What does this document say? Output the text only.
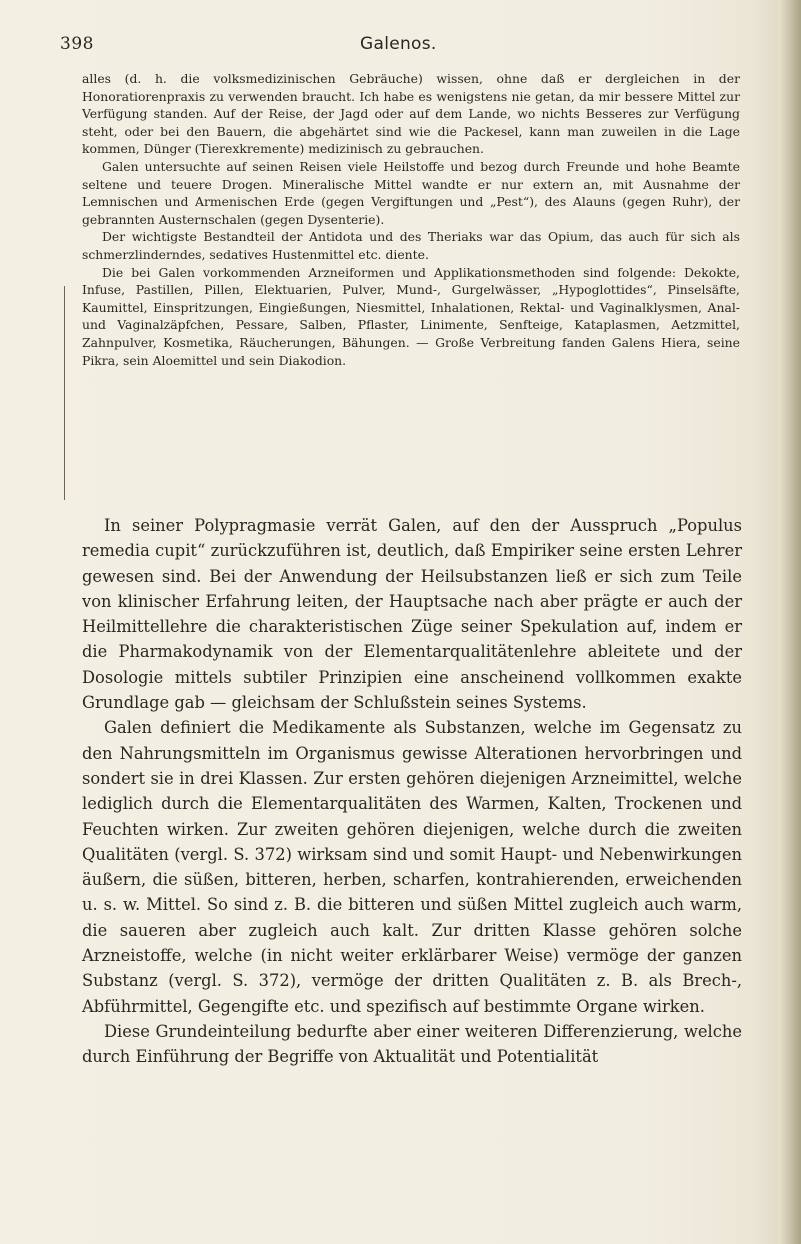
398	Galenos.

alles (d. h. die volksmedizinischen Gebräuche) wissen, ohne daß er dergleichen in der Honoratiorenpraxis zu verwenden braucht. Ich habe es wenigstens nie getan, da mir bessere Mittel zur Verfügung standen. Auf der Reise, der Jagd oder auf dem Lande, wo nichts Besseres zur Verfügung steht, oder bei den Bauern, die abgehärtet sind wie die Packesel, kann man zuweilen in die Lage kommen, Dünger (Tierexkremente) medizinisch zu gebrauchen.

Galen untersuchte auf seinen Reisen viele Heilstoffe und bezog durch Freunde und hohe Beamte seltene und teuere Drogen. Mineralische Mittel wandte er nur extern an, mit Ausnahme der Lemnischen und Armenischen Erde (gegen Vergiftungen und „Pest“), des Alauns (gegen Ruhr), der gebrannten Austernschalen (gegen Dysenterie).

Der wichtigste Bestandteil der Antidota und des Theriaks war das Opium, das auch für sich als schmerzlinderndes, sedatives Hustenmittel etc. diente.

Die bei Galen vorkommenden Arzneiformen und Applikationsmethoden sind folgende: Dekokte, Infuse, Pastillen, Pillen, Elektuarien, Pulver, Mund-, Gurgelwässer, „Hypoglottides“, Pinselsäfte, Kaumittel, Einspritzungen, Eingießungen, Niesmittel, Inhalationen, Rektal- und Vaginalklysmen, Anal- und Vaginalzäpfchen, Pessare, Salben, Pflaster, Linimente, Senfteige, Kataplasmen, Aetzmittel, Zahnpulver, Kosmetika, Räucherungen, Bähungen. — Große Verbreitung fanden Galens Hiera, seine Pikra, sein Aloemittel und sein Diakodion.

In seiner Polypragmasie verrät Galen, auf den der Ausspruch „Populus remedia cupit“ zurückzuführen ist, deutlich, daß Empiriker seine ersten Lehrer gewesen sind. Bei der Anwendung der Heilsubstanzen ließ er sich zum Teile von klinischer Erfahrung leiten, der Hauptsache nach aber prägte er auch der Heilmittellehre die charakteristischen Züge seiner Spekulation auf, indem er die Pharmakodynamik von der Elementarqualitätenlehre ableitete und der Dosologie mittels subtiler Prinzipien eine anscheinend vollkommen exakte Grundlage gab — gleichsam der Schlußstein seines Systems.

Galen definiert die Medikamente als Substanzen, welche im Gegensatz zu den Nahrungsmitteln im Organismus gewisse Alterationen hervorbringen und sondert sie in drei Klassen. Zur ersten gehören diejenigen Arzneimittel, welche lediglich durch die Elementarqualitäten des Warmen, Kalten, Trockenen und Feuchten wirken. Zur zweiten gehören diejenigen, welche durch die zweiten Qualitäten (vergl. S. 372) wirksam sind und somit Haupt- und Nebenwirkungen äußern, die süßen, bitteren, herben, scharfen, kontrahierenden, erweichenden u. s. w. Mittel. So sind z. B. die bitteren und süßen Mittel zugleich auch warm, die saueren aber zugleich auch kalt. Zur dritten Klasse gehören solche Arzneistoffe, welche (in nicht weiter erklärbarer Weise) vermöge der ganzen Substanz (vergl. S. 372), vermöge der dritten Qualitäten z. B. als Brech-, Abführmittel, Gegengifte etc. und spezifisch auf bestimmte Organe wirken.

Diese Grundeinteilung bedurfte aber einer weiteren Differenzierung, welche durch Einführung der Begriffe von Aktualität und Potentialität
